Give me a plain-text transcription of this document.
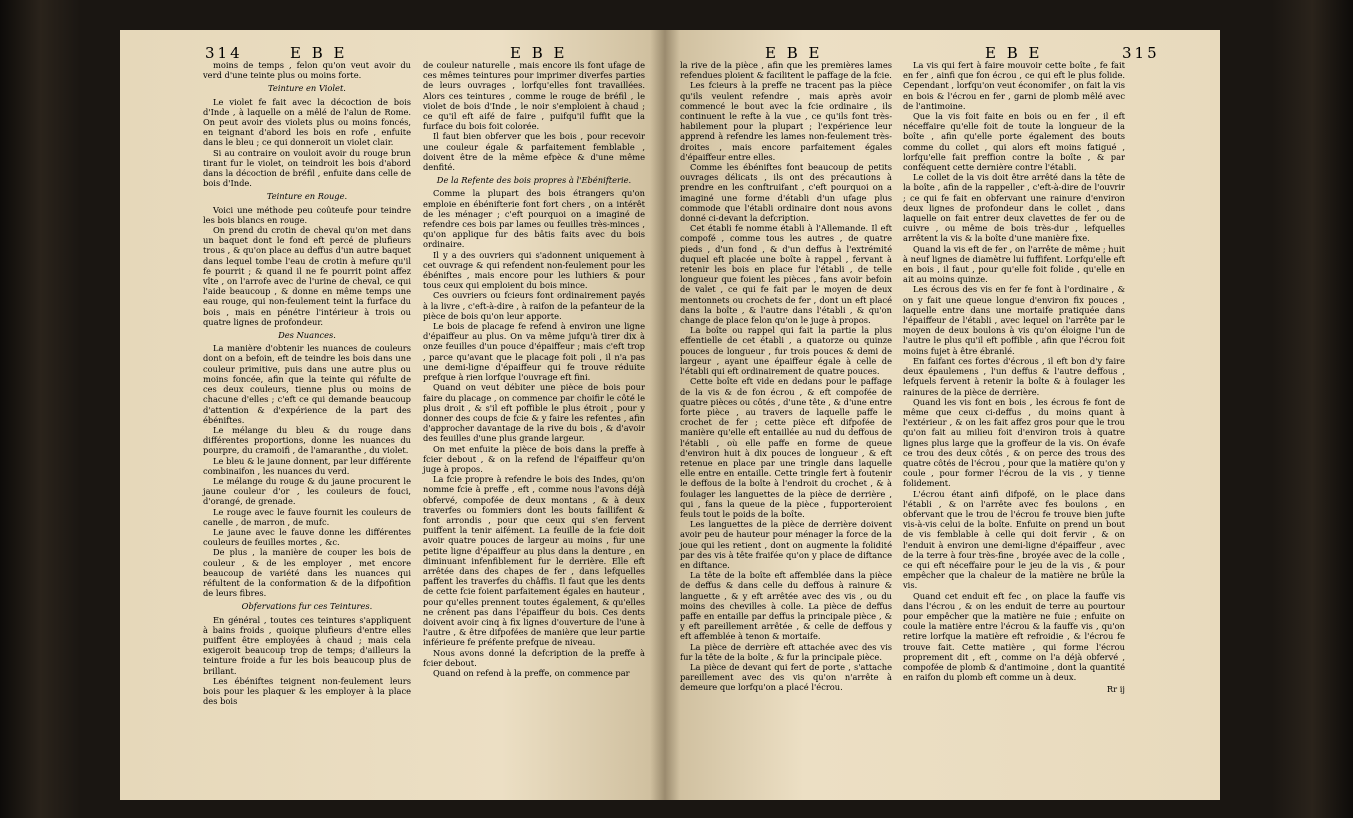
314	E B E	E B E	E B E	E B E	315

moins de temps , felon qu'on veut avoir du verd d'une teinte plus ou moins forte.

Teinture en Violet.

Le violet fe fait avec la décoction de bois d'Inde , à laquelle on a mêlé de l'alun de Rome. On peut avoir des violets plus ou moins foncés, en teignant d'abord les bois en rofe , enfuite dans le bleu ; ce qui donneroit un violet clair.

Si au contraire on vouloit avoir du rouge brun tirant fur le violet, on teindroit les bois d'abord dans la décoction de bréfil , enfuite dans celle de bois d'Inde.

Teinture en Rouge.

Voici une méthode peu coûteufe pour teindre les bois blancs en rouge.

On prend du crotin de cheval qu'on met dans un baquet dont le fond eft percé de plufieurs trous , & qu'on place au deffus d'un autre baquet dans lequel tombe l'eau de crotin à mefure qu'il fe pourrit ; & quand il ne fe pourrit point affez vîte , on l'arrofe avec de l'urine de cheval, ce qui l'aide beaucoup , & donne en même temps une eau rouge, qui non-feulement teint la furface du bois , mais en pénétre l'intérieur à trois ou quatre lignes de profondeur.

Des Nuances.

La manière d'obtenir les nuances de couleurs dont on a befoin, eft de teindre les bois dans une couleur primitive, puis dans une autre plus ou moins foncée, afin que la teinte qui réfulte de ces deux couleurs, tienne plus ou moins de chacune d'elles ; c'eft ce qui demande beaucoup d'attention & d'expérience de la part des ébéniftes.

Le mélange du bleu & du rouge dans différentes proportions, donne les nuances du pourpre, du cramoifi , de l'amaranthe , du violet.

Le bleu & le jaune donnent, par leur différente combinaifon , les nuances du verd.

Le mélange du rouge & du jaune procurent le jaune couleur d'or , les couleurs de fouci, d'orangé, de grenade.

Le rouge avec le fauve fournit les couleurs de canelle , de marron , de mufc.

Le jaune avec le fauve donne les différentes couleurs de feuilles mortes , &c.

De plus , la manière de couper les bois de couleur , & de les employer , met encore beaucoup de variété dans les nuances qui réfultent de la conformation & de la difpofition de leurs fibres.

Obfervations fur ces Teintures.

En général , toutes ces teintures s'appliquent à bains froids , quoique plufieurs d'entre elles puiffent être employées à chaud ; mais cela exigeroit beaucoup trop de temps; d'ailleurs la teinture froide a fur les bois beaucoup plus de brillant.

Les ébéniftes teignent non-feulement leurs bois pour les plaquer & les employer à la place des bois

de couleur naturelle , mais encore ils font ufage de ces mêmes teintures pour imprimer diverfes parties de leurs ouvrages , lorfqu'elles font travaillées. Alors ces teintures , comme le rouge de bréfil , le violet de bois d'Inde , le noir s'emploient à chaud ; ce qu'il eft aifé de faire , puifqu'il fuffit que la furface du bois foit colorée.

Il faut bien obferver que les bois , pour recevoir une couleur égale & parfaitement femblable , doivent être de la même efpèce & d'une même denfité.

De la Refente des bois propres à l'Ebénifterie.

Comme la plupart des bois étrangers qu'on emploie en ébénifterie font fort chers , on a intérêt de les ménager ; c'eft pourquoi on a imaginé de refendre ces bois par lames ou feuilles très-minces , qu'on applique fur des bâtis faits avec du bois ordinaire.

Il y a des ouvriers qui s'adonnent uniquement à cet ouvrage & qui refendent non-feulement pour les ébéniftes , mais encore pour les luthiers & pour tous ceux qui emploient du bois mince.

Ces ouvriers ou fcieurs font ordinairement payés à la livre , c'eft-à-dire , à raifon de la pefanteur de la pièce de bois qu'on leur apporte.

Le bois de placage fe refend à environ une ligne d'épaiffeur au plus. On va même jufqu'à tirer dix à onze feuilles d'un pouce d'épaiffeur ; mais c'eft trop , parce qu'avant que le placage foit poli , il n'a pas une demi-ligne d'épaiffeur qui fe trouve réduite prefque à rien lorfque l'ouvrage eft fini.

Quand on veut débiter une pièce de bois pour faire du placage , on commence par choifir le côté le plus droit , & s'il eft poffible le plus étroit , pour y donner des coups de fcie & y faire les refentes , afin d'approcher davantage de la rive du bois , & d'avoir des feuilles d'une plus grande largeur.

On met enfuite la pièce de bois dans la preffe à fcier debout , & on la refend de l'épaiffeur qu'on juge à propos.

La fcie propre à refendre le bois des Indes, qu'on nomme fcie à preffe , eft , comme nous l'avons déjà obfervé, compofée de deux montans , & à deux traverfes ou fommiers dont les bouts faillifent & font arrondis , pour que ceux qui s'en fervent puiffent la tenir aifément. La feuille de la fcie doit avoir quatre pouces de largeur au moins , fur une petite ligne d'épaiffeur au plus dans la denture , en diminuant infenfiblement fur le derrière. Elle eft arrêtée dans des chapes de fer , dans lefquelles paffent les traverfes du châffis. Il faut que les dents de cette fcie foient parfaitement égales en hauteur , pour qu'elles prennent toutes également, & qu'elles ne crênent pas dans l'épaiffeur du bois. Ces dents doivent avoir cinq à fix lignes d'ouverture de l'une à l'autre , & être difpofées de manière que leur partie inférieure fe préfente prefque de niveau.

Nous avons donné la defcription de la preffe à fcier debout.

Quand on refend à la preffe, on commence par

la rive de la pièce , afin que les premières lames refendues ploient & facilitent le paffage de la fcie.

Les fcieurs à la preffe ne tracent pas la pièce qu'ils veulent refendre , mais après avoir commencé le bout avec la fcie ordinaire , ils continuent le refte à la vue , ce qu'ils font très-habilement pour la plupart ; l'expérience leur apprend à refendre les lames non-feulement très-droites , mais encore parfaitement égales d'épaiffeur entre elles.

Comme les ébéniftes font beaucoup de petits ouvrages délicats , ils ont des précautions à prendre en les conftruifant , c'eft pourquoi on a imaginé une forme d'établi d'un ufage plus commode que l'établi ordinaire dont nous avons donné ci-devant la defcription.

Cet établi fe nomme établi à l'Allemande. Il eft compofé , comme tous les autres , de quatre pieds , d'un fond , & d'un deffus à l'extrémité duquel eft placée une boîte à rappel , fervant à retenir les bois en place fur l'établi , de telle longueur que foient les pièces , fans avoir befoin de valet , ce qui fe fait par le moyen de deux mentonnets ou crochets de fer , dont un eft placé dans la boîte , & l'autre dans l'établi , & qu'on change de place felon qu'on le juge à propos.

La boîte ou rappel qui fait la partie la plus effentielle de cet établi , a quatorze ou quinze pouces de longueur , fur trois pouces & demi de largeur , ayant une épaiffeur égale à celle de l'établi qui eft ordinairement de quatre pouces.

Cette boîte eft vide en dedans pour le paffage de la vis & de fon écrou , & eft compofée de quatre pièces ou côtés , d'une tête , & d'une entre forte pièce , au travers de laquelle paffe le crochet de fer ; cette pièce eft difpofée de manière qu'elle eft entaillée au nud du deffous de l'établi , où elle paffe en forme de queue d'environ huit à dix pouces de longueur , & eft retenue en place par une tringle dans laquelle elle entre en entaille. Cette tringle fert à foutenir le deffous de la boîte à l'endroit du crochet , & à foulager les languettes de la pièce de derrière , qui , fans la queue de la pièce , fupporteroient feuls tout le poids de la boîte.

Les languettes de la pièce de derrière doivent avoir peu de hauteur pour ménager la force de la joue qui les retient , dont on augmente la folidité par des vis à tête fraifée qu'on y place de diftance en diftance.

La tête de la boîte eft affemblée dans la pièce de deffus & dans celle du deffous à rainure & languette , & y eft arrêtée avec des vis , ou du moins des chevilles à colle. La pièce de deffus paffe en entaille par deffus la principale pièce , & y eft pareillement arrêtée , & celle de deffous y eft affemblée à tenon & mortaife.

La pièce de derrière eft attachée avec des vis fur la tête de la boîte , & fur la principale pièce.

La pièce de devant qui fert de porte , s'attache pareillement avec des vis qu'on n'arrête à demeure que lorfqu'on a placé l'écrou.

La vis qui fert à faire mouvoir cette boîte , fe fait en fer , ainfi que fon écrou , ce qui eft le plus folide. Cependant , lorfqu'on veut économifer , on fait la vis en bois & l'écrou en fer , garni de plomb mêlé avec de l'antimoine.

Que la vis foit faite en bois ou en fer , il eft néceffaire qu'elle foit de toute la longueur de la boîte , afin qu'elle porte également des bouts comme du collet , qui alors eft moins fatigué , lorfqu'elle fait preffion contre la boîte , & par conféquent cette dernière contre l'établi.

Le collet de la vis doit être arrêté dans la tête de la boîte , afin de la rappeller , c'eft-à-dire de l'ouvrir ; ce qui fe fait en obfervant une rainure d'environ deux lignes de profondeur dans le collet , dans laquelle on fait entrer deux clavettes de fer ou de cuivre , ou même de bois très-dur , lefquelles arrêtent la vis & la boîte d'une manière fixe.

Quand la vis eft de fer , on l'arrête de même ; huit à neuf lignes de diamètre lui fuffifent. Lorfqu'elle eft en bois , il faut , pour qu'elle foit folide , qu'elle en ait au moins quinze.

Les écrous des vis en fer fe font à l'ordinaire , & on y fait une queue longue d'environ fix pouces , laquelle entre dans une mortaife pratiquée dans l'épaiffeur de l'établi , avec lequel on l'arrête par le moyen de deux boulons à vis qu'on éloigne l'un de l'autre le plus qu'il eft poffible , afin que l'écrou foit moins fujet à être ébranlé.

En faifant ces fortes d'écrous , il eft bon d'y faire deux épaulemens , l'un deffus & l'autre deffous , lefquels fervent à retenir la boîte & à foulager les rainures de la pièce de derrière.

Quand les vis font en bois , les écrous fe font de même que ceux ci-deffus , du moins quant à l'extérieur , & on les fait affez gros pour que le trou qu'on fait au milieu foit d'environ trois à quatre lignes plus large que la groffeur de la vis. On évafe ce trou des deux côtés , & on perce des trous des quatre côtés de l'écrou , pour que la matière qu'on y coule , pour former l'écrou de la vis , y tienne folidement.

L'écrou étant ainfi difpofé, on le place dans l'établi , & on l'arrête avec fes boulons , en obfervant que le trou de l'écrou fe trouve bien jufte vis-à-vis celui de la boîte. Enfuite on prend un bout de vis femblable à celle qui doit fervir , & on l'enduit à environ une demi-ligne d'épaiffeur , avec de la terre à four très-fine , broyée avec de la colle , ce qui eft néceffaire pour le jeu de la vis , & pour empêcher que la chaleur de la matière ne brûle la vis.

Quand cet enduit eft fec , on place la fauffe vis dans l'écrou , & on les enduit de terre au pourtour pour empêcher que la matière ne fuie ; enfuite on coule la matière entre l'écrou & la fauffe vis , qu'on retire lorfque la matière eft refroidie , & l'écrou fe trouve fait. Cette matière , qui forme l'écrou proprement dit , eft , comme on l'a déjà obfervé , compofée de plomb & d'antimoine , dont la quantité en raifon du plomb eft comme un à deux.

Rr ij
